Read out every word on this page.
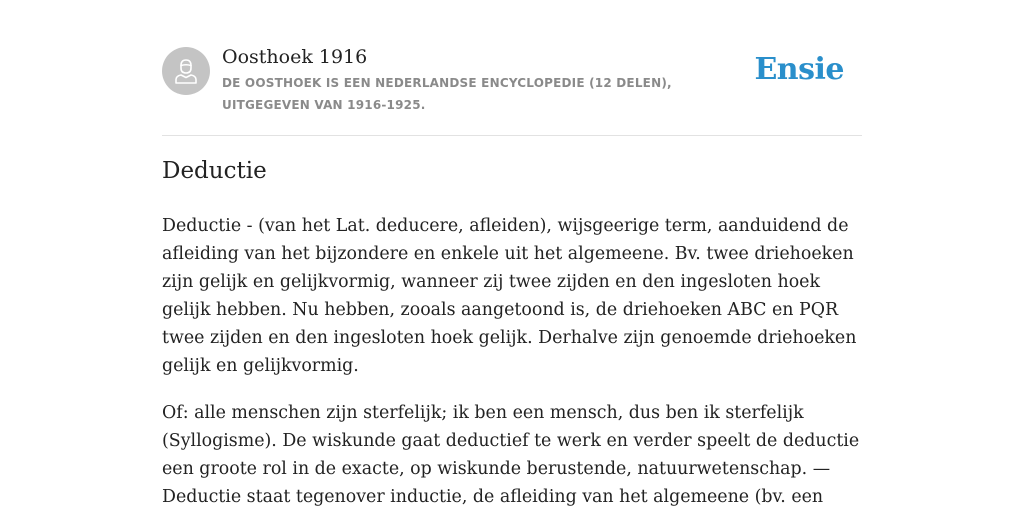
Oosthoek 1916
DE OOSTHOEK IS EEN NEDERLANDSE ENCYCLOPEDIE (12 DELEN), UITGEGEVEN VAN 1916-1925.
Ensie
Deductie

Deductie - (van het Lat. deducere, afleiden), wijsgeerige term, aanduidend de afleiding van het bijzondere en enkele uit het algemeene. Bv. twee driehoeken zijn gelijk en gelijkvormig, wanneer zij twee zijden en den ingesloten hoek gelijk hebben. Nu hebben, zooals aangetoond is, de driehoeken ABC en PQR twee zijden en den ingesloten hoek gelijk. Derhalve zijn genoemde driehoeken gelijk en gelijkvormig.

Of: alle menschen zijn sterfelijk; ik ben een mensch, dus ben ik sterfelijk (Syllogisme). De wiskunde gaat deductief te werk en verder speelt de deductie een groote rol in de exacte, op wiskunde berustende, natuurwetenschap. — Deductie staat tegenover inductie, de afleiding van het algemeene (bv. een
